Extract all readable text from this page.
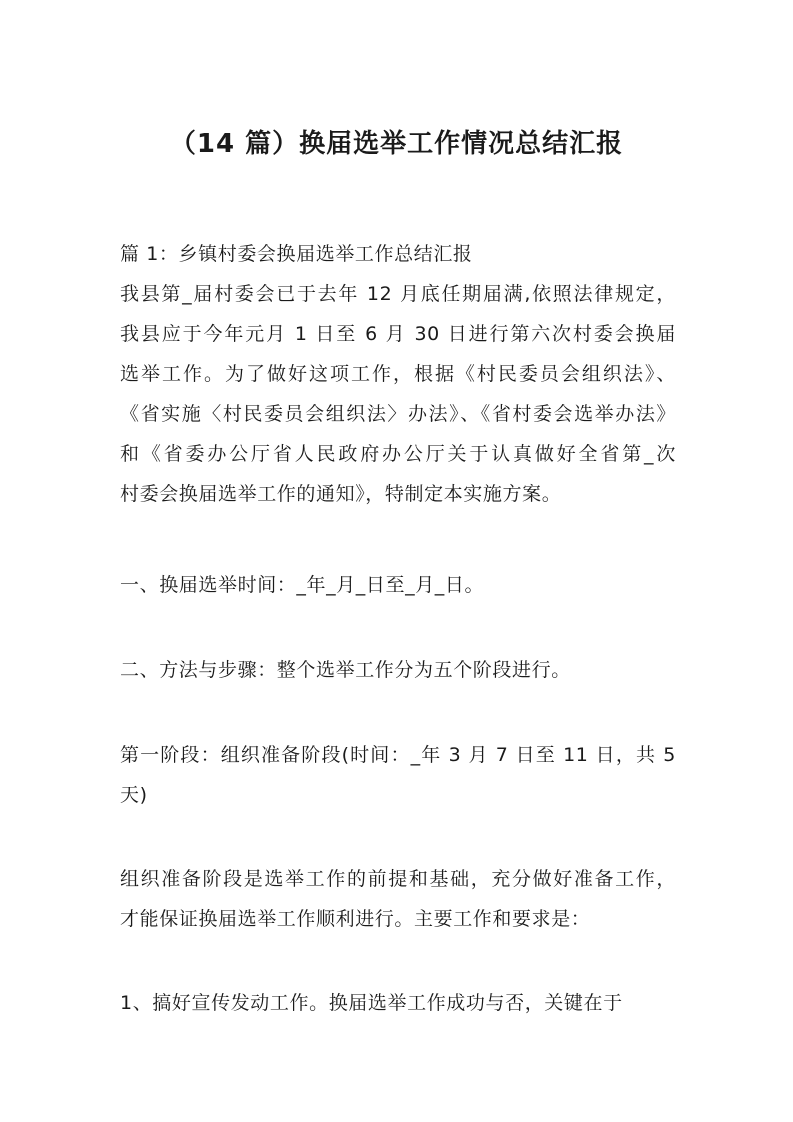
（14 篇）换届选举工作情况总结汇报
篇 1：乡镇村委会换届选举工作总结汇报
我县第_届村委会已于去年 12 月底任期届满,依照法律规定，
我县应于今年元月 1 日至 6 月 30 日进行第六次村委会换届
选举工作。为了做好这项工作，根据《村民委员会组织法》、
《省实施〈村民委员会组织法〉办法》、《省村委会选举办法》
和《省委办公厅省人民政府办公厅关于认真做好全省第_次
村委会换届选举工作的通知》，特制定本实施方案。
一、换届选举时间：_年_月_日至_月_日。
二、方法与步骤：整个选举工作分为五个阶段进行。
第一阶段：组织准备阶段(时间：_年 3 月 7 日至 11 日，共 5
天)
组织准备阶段是选举工作的前提和基础，充分做好准备工作，
才能保证换届选举工作顺利进行。主要工作和要求是：
1、搞好宣传发动工作。换届选举工作成功与否，关键在于
